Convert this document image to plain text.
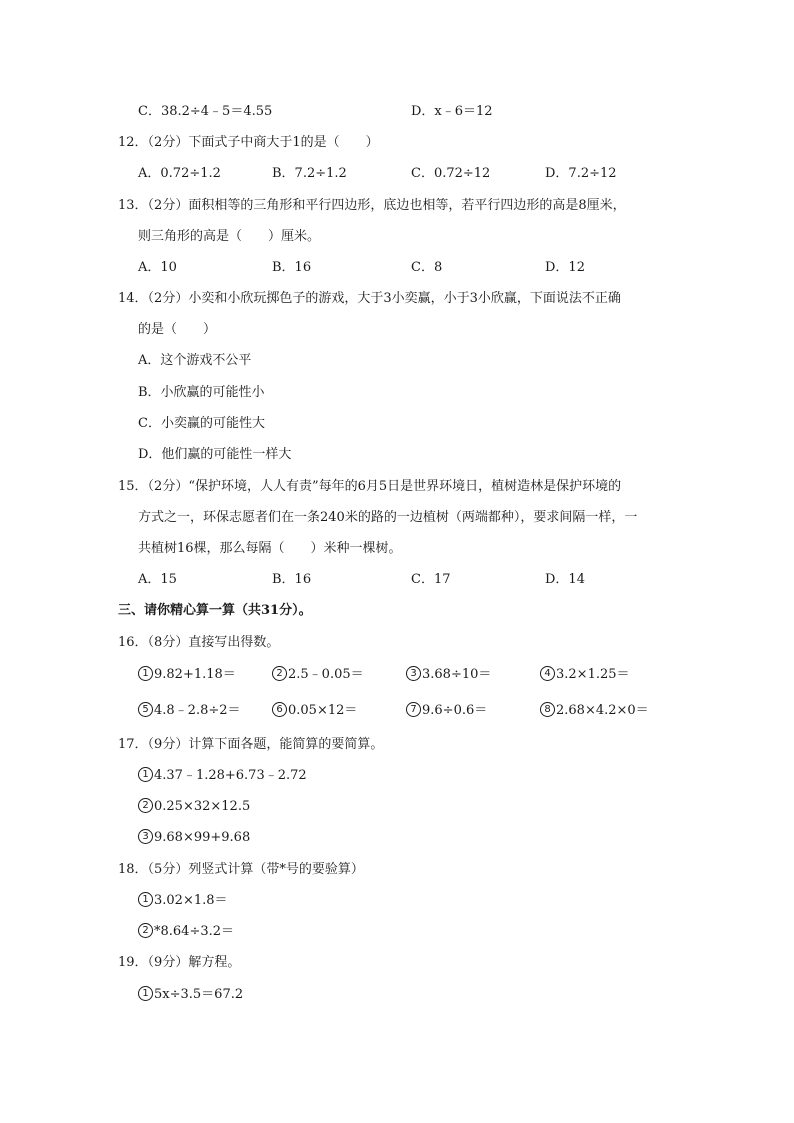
C．38.2÷4﹣5＝4.55	D．x﹣6＝12
12．（2分）下面式子中商大于1的是（　　）
A．0.72÷1.2	B．7.2÷1.2	C．0.72÷12	D．7.2÷12
13．（2分）面积相等的三角形和平行四边形，底边也相等，若平行四边形的高是8厘米，
则三角形的高是（　　）厘米。
A．10	B．16	C．8	D．12
14．（2分）小奕和小欣玩掷色子的游戏，大于3小奕赢，小于3小欣赢，下面说法不正确
的是（　　）
A．这个游戏不公平
B．小欣赢的可能性小
C．小奕赢的可能性大
D．他们赢的可能性一样大
15．（2分）“保护环境，人人有责”每年的6月5日是世界环境日，植树造林是保护环境的
方式之一，环保志愿者们在一条240米的路的一边植树（两端都种），要求间隔一样，一
共植树16棵，那么每隔（　　）米种一棵树。
A．15	B．16	C．17	D．14
三、请你精心算一算（共31分）。
16．（8分）直接写出得数。
1 9.82+1.18＝	2 2.5﹣0.05＝	3 3.68÷10＝	4 3.2×1.25＝
5 4.8﹣2.8÷2＝	6 0.05×12＝	7 9.6÷0.6＝	8 2.68×4.2×0＝
17．（9分）计算下面各题，能简算的要简算。
1 4.37﹣1.28+6.73﹣2.72
2 0.25×32×12.5
3 9.68×99+9.68
18．（5分）列竖式计算（带*号的要验算）
1 3.02×1.8＝
2 *8.64÷3.2＝
19．（9分）解方程。
1 5x÷3.5＝67.2
